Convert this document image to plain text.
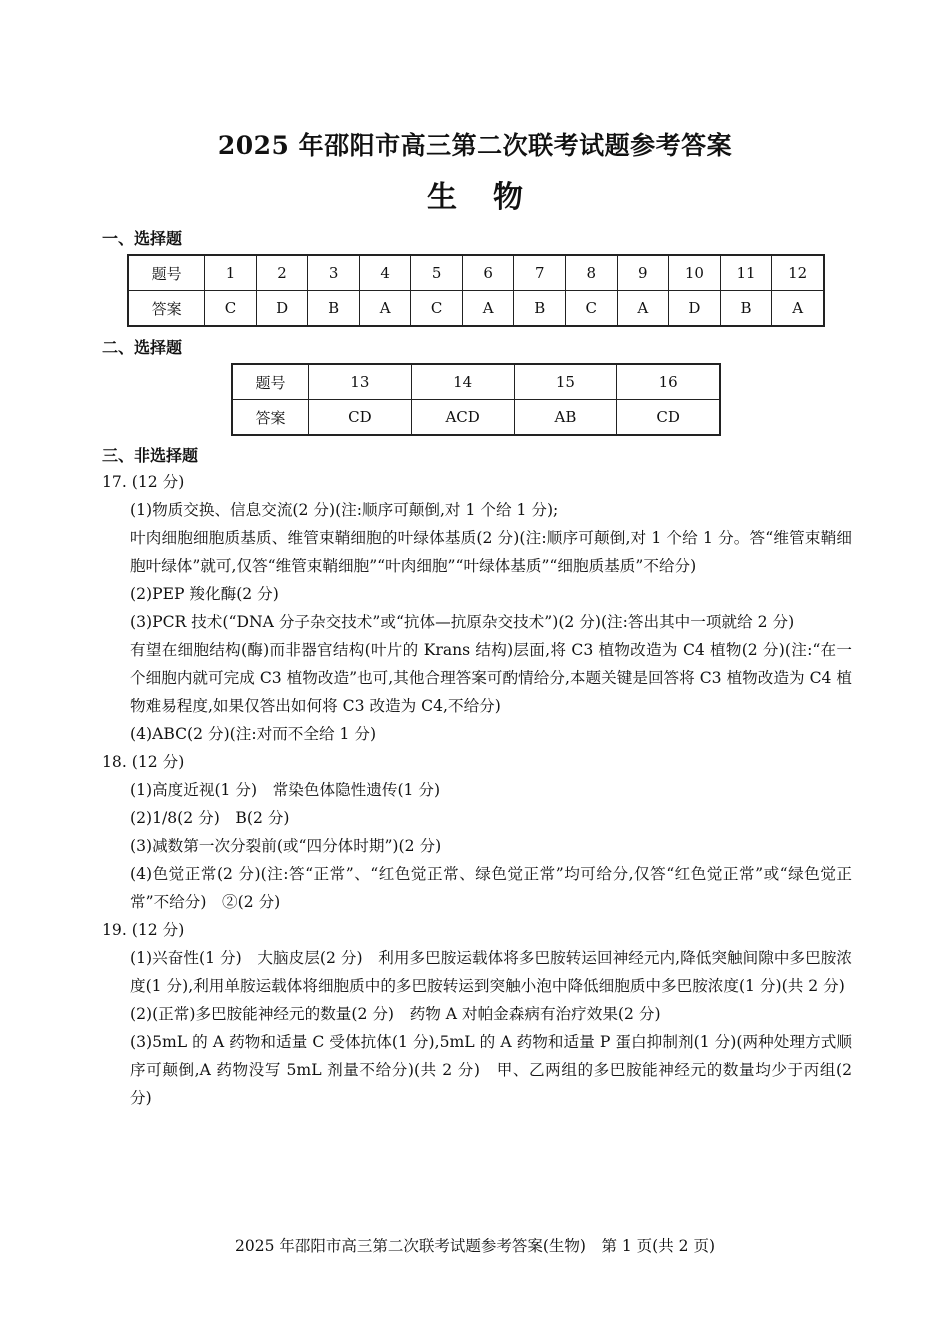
2025 年邵阳市高三第二次联考试题参考答案
生 物
一、选择题
题号	1	2	3	4	5	6	7	8	9	10	11	12
答案	C	D	B	A	C	A	B	C	A	D	B	A
二、选择题
题号	13	14	15	16
答案	CD	ACD	AB	CD
三、非选择题

17. (12 分)

(1)物质交换、信息交流(2 分)(注:顺序可颠倒,对 1 个给 1 分);

叶肉细胞细胞质基质、维管束鞘细胞的叶绿体基质(2 分)(注:顺序可颠倒,对 1 个给 1 分。答“维管束鞘细胞叶绿体”就可,仅答“维管束鞘细胞”“叶肉细胞”“叶绿体基质”“细胞质基质”不给分)

(2)PEP 羧化酶(2 分)

(3)PCR 技术(“DNA 分子杂交技术”或“抗体—抗原杂交技术”)(2 分)(注:答出其中一项就给 2 分)

有望在细胞结构(酶)而非器官结构(叶片的 Krans 结构)层面,将 C3 植物改造为 C4 植物(2 分)(注:“在一个细胞内就可完成 C3 植物改造”也可,其他合理答案可酌情给分,本题关键是回答将 C3 植物改造为 C4 植物难易程度,如果仅答出如何将 C3 改造为 C4,不给分)

(4)ABC(2 分)(注:对而不全给 1 分)

18. (12 分)

(1)高度近视(1 分)　常染色体隐性遗传(1 分)

(2)1/8(2 分)　B(2 分)

(3)减数第一次分裂前(或“四分体时期”)(2 分)

(4)色觉正常(2 分)(注:答“正常”、“红色觉正常、绿色觉正常”均可给分,仅答“红色觉正常”或“绿色觉正常”不给分)　②(2 分)

19. (12 分)

(1)兴奋性(1 分)　大脑皮层(2 分)　利用多巴胺运载体将多巴胺转运回神经元内,降低突触间隙中多巴胺浓度(1 分),利用单胺运载体将细胞质中的多巴胺转运到突触小泡中降低细胞质中多巴胺浓度(1 分)(共 2 分)

(2)(正常)多巴胺能神经元的数量(2 分)　药物 A 对帕金森病有治疗效果(2 分)

(3)5mL 的 A 药物和适量 C 受体抗体(1 分),5mL 的 A 药物和适量 P 蛋白抑制剂(1 分)(两种处理方式顺序可颠倒,A 药物没写 5mL 剂量不给分)(共 2 分)　甲、乙两组的多巴胺能神经元的数量均少于丙组(2 分)

2025 年邵阳市高三第二次联考试题参考答案(生物)　第 1 页(共 2 页)
